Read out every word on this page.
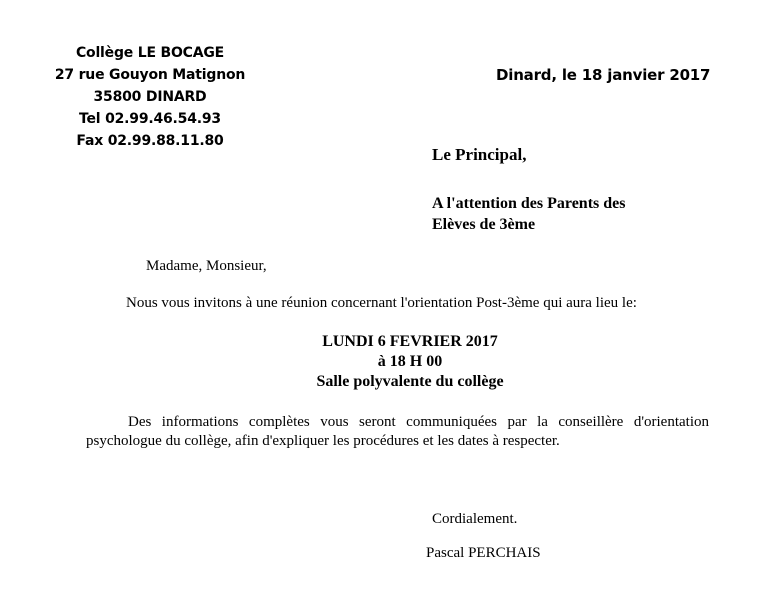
Collège LE BOCAGE
27 rue Gouyon Matignon
35800 DINARD
Tel 02.99.46.54.93
Fax 02.99.88.11.80
Dinard, le 18 janvier 2017
Le Principal,
A l'attention des Parents des
Elèves de 3ème
Madame, Monsieur,
Nous vous invitons à une réunion concernant l'orientation Post-3ème qui aura lieu le:
LUNDI 6 FEVRIER 2017
à 18 H 00
Salle polyvalente du collège
Des informations complètes vous seront communiquées par la conseillère d'orientation psychologue du collège, afin d'expliquer les procédures et les dates à respecter.
Cordialement.
Pascal PERCHAIS
